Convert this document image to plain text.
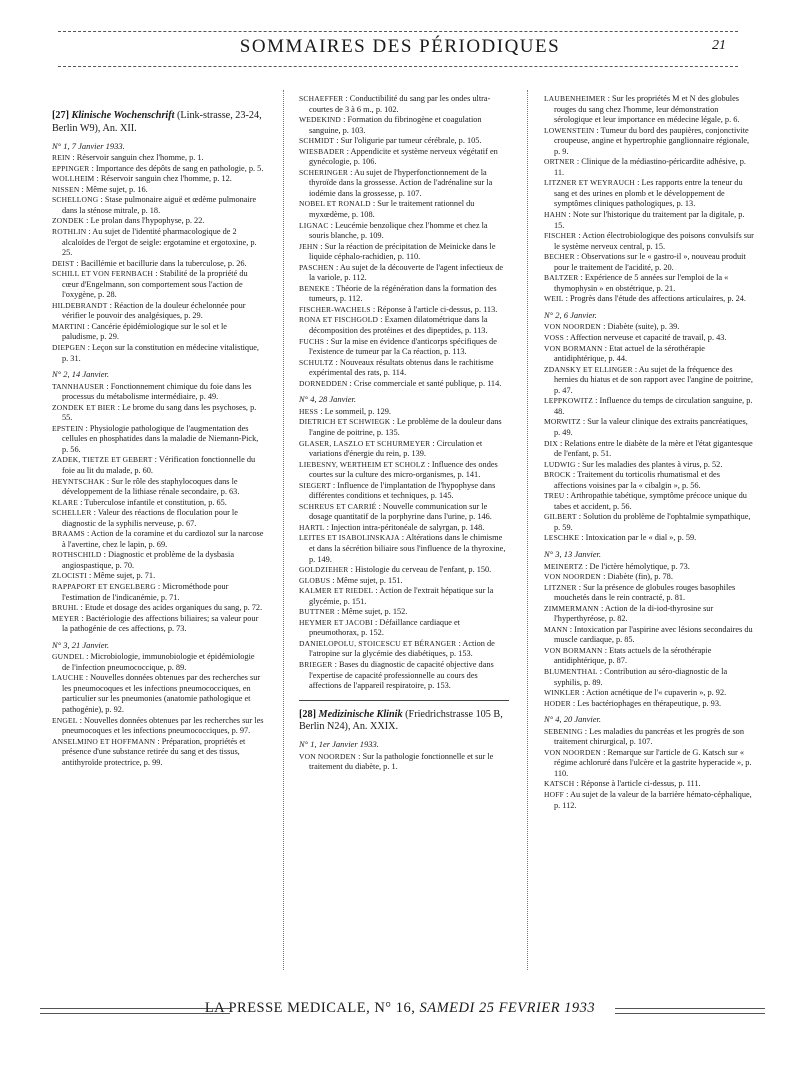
SOMMAIRES DES PÉRIODIQUES	21
[27] Klinische Wochenschrift (Link-strasse, 23-24, Berlin W9), An. XII.
N° 1, 7 Janvier 1933.

REIN : Réservoir sanguin chez l'homme, p. 1.

EPPINGER : Importance des dépôts de sang en pathologie, p. 5.

WOLLHEIM : Réservoir sanguin chez l'homme, p. 12.

NISSEN : Même sujet, p. 16.

SCHELLONG : Stase pulmonaire aiguë et œdème pulmonaire dans la sténose mitrale, p. 18.

ZONDEK : Le prolan dans l'hypophyse, p. 22.

ROTHLIN : Au sujet de l'identité pharmacologique de 2 alcaloïdes de l'ergot de seigle: ergotamine et ergotoxine, p. 25.

DEIST : Bacillémie et bacillurie dans la tuberculose, p. 26.

SCHILL ET VON FERNBACH : Stabilité de la propriété du cœur d'Engelmann, son comportement sous l'action de l'oxygène, p. 28.

HILDEBRANDT : Réaction de la douleur échelonnée pour vérifier le pouvoir des analgésiques, p. 29.

MARTINI : Cancérie épidémiologique sur le sol et le paludisme, p. 29.

DIEPGEN : Leçon sur la constitution en médecine vitalistique, p. 31.

N° 2, 14 Janvier.

TANNHAUSER : Fonctionnement chimique du foie dans les processus du métabolisme intermédiaire, p. 49.

ZONDEK ET BIER : Le brome du sang dans les psychoses, p. 55.

EPSTEIN : Physiologie pathologique de l'augmentation des cellules en phosphatides dans la maladie de Niemann-Pick, p. 56.

ZADEK, TIETZE ET GEBERT : Vérification fonctionnelle du foie au lit du malade, p. 60.

HEYNTSCHAK : Sur le rôle des staphylocoques dans le développement de la lithiase rénale secondaire, p. 63.

KLARE : Tuberculose infantile et constitution, p. 65.

SCHELLER : Valeur des réactions de floculation pour le diagnostic de la syphilis nerveuse, p. 67.

BRAAMS : Action de la coramine et du cardiozol sur la narcose à l'avertine, chez le lapin, p. 69.

ROTHSCHILD : Diagnostic et problème de la dysbasia angiospastique, p. 70.

ZLOCISTI : Même sujet, p. 71.

RAPPAPORT ET ENGELBERG : Microméthode pour l'estimation de l'indicanémie, p. 71.

BRUHL : Etude et dosage des acides organiques du sang, p. 72.

MEYER : Bactériologie des affections biliaires; sa valeur pour la pathogénie de ces affections, p. 73.

N° 3, 21 Janvier.

GUNDEL : Microbiologie, immunobiologie et épidémiologie de l'infection pneumococcique, p. 89.

LAUCHE : Nouvelles données obtenues par des recherches sur les pneumocoques et les infections pneumococciques, en particulier sur les pneumonies (anatomie pathologique et pathogénie), p. 92.

ENGEL : Nouvelles données obtenues par les recherches sur les pneumocoques et les infections pneumococciques, p. 97.

ANSELMINO ET HOFFMANN : Préparation, propriétés et présence d'une substance retirée du sang et des tissus, antithyroïde protectrice, p. 99.

SCHAEFFER : Conductibilité du sang par les ondes ultra-courtes de 3 à 6 m., p. 102.

WEDEKIND : Formation du fibrinogène et coagulation sanguine, p. 103.

SCHMIDT : Sur l'oligurie par tumeur cérébrale, p. 105.

WIESBADER : Appendicite et système nerveux végétatif en gynécologie, p. 106.

SCHERINGER : Au sujet de l'hyperfonctionnement de la thyroïde dans la grossesse. Action de l'adrénaline sur la iodémie dans la grossesse, p. 107.

NOBEL ET RONALD : Sur le traitement rationnel du myxœdème, p. 108.

LIGNAC : Leucémie benzolique chez l'homme et chez la souris blanche, p. 109.

JEHN : Sur la réaction de précipitation de Meinicke dans le liquide céphalo-rachidien, p. 110.

PASCHEN : Au sujet de la découverte de l'agent infectieux de la variole, p. 112.

BENEKE : Théorie de la régénération dans la formation des tumeurs, p. 112.

FISCHER-WACHELS : Réponse à l'article ci-dessus, p. 113.

RONA ET FISCHGOLD : Examen dilatométrique dans la décomposition des protéines et des dipeptides, p. 113.

FUCHS : Sur la mise en évidence d'anticorps spécifiques de l'existence de tumeur par la Ca réaction, p. 113.

SCHULTZ : Nouveaux résultats obtenus dans le rachitisme expérimental des rats, p. 114.

DORNEDDEN : Crise commerciale et santé publique, p. 114.

N° 4, 28 Janvier.

HESS : Le sommeil, p. 129.

DIETRICH ET SCHWIEGK : Le problème de la douleur dans l'angine de poitrine, p. 135.

GLASER, LASZLO ET SCHURMEYER : Circulation et variations d'énergie du rein, p. 139.

LIEBESNY, WERTHEIM ET SCHOLZ : Influence des ondes courtes sur la culture des micro-organismes, p. 141.

SIEGERT : Influence de l'implantation de l'hypophyse dans différentes conditions et techniques, p. 145.

SCHREUS ET CARRIÉ : Nouvelle communication sur le dosage quantitatif de la porphyrine dans l'urine, p. 146.

HARTL : Injection intra-péritonéale de salyrgan, p. 148.

LEITES ET ISABOLINSKAJA : Altérations dans le chimisme et dans la sécrétion biliaire sous l'influence de la thyroxine, p. 149.

GOLDZIEHER : Histologie du cerveau de l'enfant, p. 150.

GLOBUS : Même sujet, p. 151.

KALMER ET RIEDEL : Action de l'extrait hépatique sur la glycémie, p. 151.

BUTTNER : Même sujet, p. 152.

HEYMER ET JACOBI : Défaillance cardiaque et pneumothorax, p. 152.

DANIELOPOLU, STOICESCU ET BÉRANGER : Action de l'atropine sur la glycémie des diabétiques, p. 153.

BRIEGER : Bases du diagnostic de capacité objective dans l'expertise de capacité professionnelle au cours des affections de l'appareil respiratoire, p. 153.

[28] Medizinische Klinik (Friedrichstrasse 105 B, Berlin N24), An. XXIX.
N° 1, 1er Janvier 1933.

VON NOORDEN : Sur la pathologie fonctionnelle et sur le traitement du diabète, p. 1.

LAUBENHEIMER : Sur les propriétés M et N des globules rouges du sang chez l'homme, leur démonstration sérologique et leur importance en médecine légale, p. 6.

LOWENSTEIN : Tumeur du bord des paupières, conjonctivite croupeuse, angine et hypertrophie ganglionnaire régionale, p. 9.

ORTNER : Clinique de la médiastino-péricardite adhésive, p. 11.

LITZNER ET WEYRAUCH : Les rapports entre la teneur du sang et des urines en plomb et le développement de symptômes cliniques pathologiques, p. 13.

HAHN : Note sur l'historique du traitement par la digitale, p. 15.

FISCHER : Action électrobiologique des poisons convulsifs sur le système nerveux central, p. 15.

BECHER : Observations sur le « gastro-il », nouveau produit pour le traitement de l'acidité, p. 20.

BALTZER : Expérience de 5 années sur l'emploi de la « thymophysin » en obstétrique, p. 21.

WEIL : Progrès dans l'étude des affections articulaires, p. 24.

N° 2, 6 Janvier.

VON NOORDEN : Diabète (suite), p. 39.

VOSS : Affection nerveuse et capacité de travail, p. 43.

VON BORMANN : Etat actuel de la sérothérapie antidiphtérique, p. 44.

ZDANSKY ET ELLINGER : Au sujet de la fréquence des hernies du hiatus et de son rapport avec l'angine de poitrine, p. 47.

LEPPKOWITZ : Influence du temps de circulation sanguine, p. 48.

MORWITZ : Sur la valeur clinique des extraits pancréatiques, p. 49.

DIX : Relations entre le diabète de la mère et l'état gigantesque de l'enfant, p. 51.

LUDWIG : Sur les maladies des plantes à virus, p. 52.

BROCK : Traitement du torticolis rhumatismal et des affections voisines par la « cibalgin », p. 56.

TREU : Arthropathie tabétique, symptôme précoce unique du tabes et accident, p. 56.

GILBERT : Solution du problème de l'ophtalmie sympathique, p. 59.

LESCHKE : Intoxication par le « dial », p. 59.

N° 3, 13 Janvier.

MEINERTZ : De l'ictère hémolytique, p. 73.

VON NOORDEN : Diabète (fin), p. 78.

LITZNER : Sur la présence de globules rouges basophiles mouchetés dans le rein contracté, p. 81.

ZIMMERMANN : Action de la di-iod-thyrosine sur l'hyperthyréose, p. 82.

MANN : Intoxication par l'aspirine avec lésions secondaires du muscle cardiaque, p. 85.

VON BORMANN : Etats actuels de la sérothérapie antidiphtérique, p. 87.

BLUMENTHAL : Contribution au séro-diagnostic de la syphilis, p. 89.

WINKLER : Action acnétique de l'« cupaverin », p. 92.

HODER : Les bactériophages en thérapeutique, p. 93.

N° 4, 20 Janvier.

SEBENING : Les maladies du pancréas et les progrès de son traitement chirurgical, p. 107.

VON NOORDEN : Remarque sur l'article de G. Katsch sur « régime achloruré dans l'ulcère et la gastrite hyperacide », p. 110.

KATSCH : Réponse à l'article ci-dessus, p. 111.

HOFF : Au sujet de la valeur de la barrière hémato-céphalique, p. 112.

LA PRESSE MEDICALE, N° 16, SAMEDI 25 FEVRIER 1933
